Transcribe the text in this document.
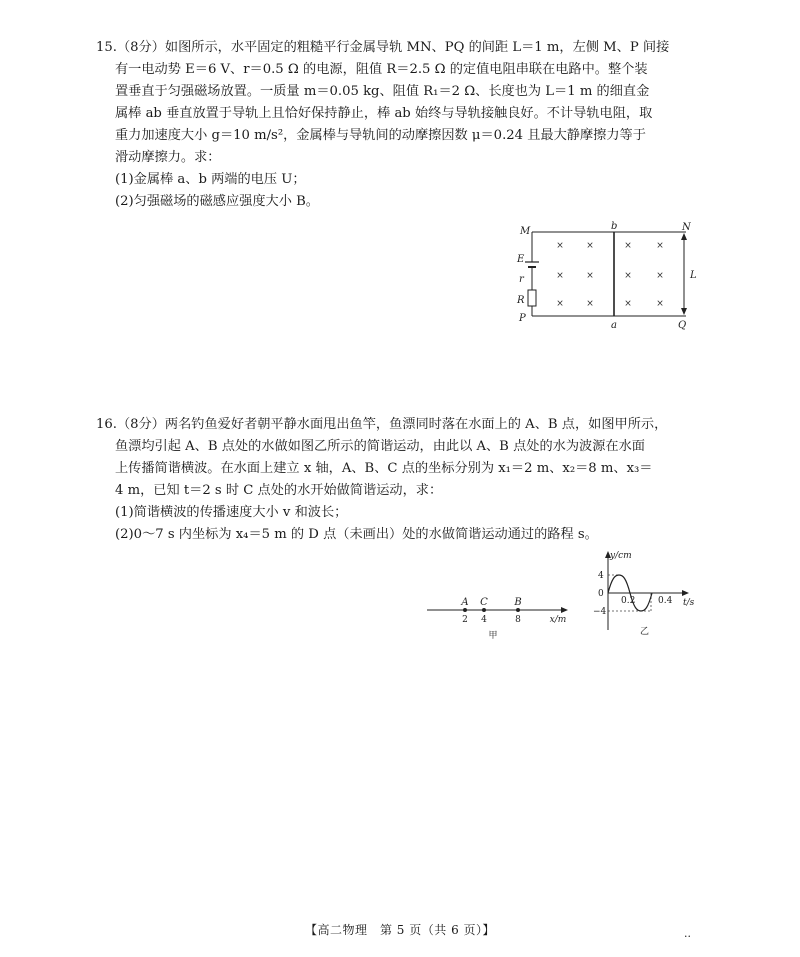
15.（8分）如图所示，水平固定的粗糙平行金属导轨 MN、PQ 的间距 L＝1 m，左侧 M、P 间接
有一电动势 E＝6 V、r＝0.5 Ω 的电源，阻值 R＝2.5 Ω 的定值电阻串联在电路中。整个装
置垂直于匀强磁场放置。一质量 m＝0.05 kg、阻值 R₁＝2 Ω、长度也为 L＝1 m 的细直金
属棒 ab 垂直放置于导轨上且恰好保持静止，棒 ab 始终与导轨接触良好。不计导轨电阻，取
重力加速度大小 g＝10 m/s²，金属棒与导轨间的动摩擦因数 μ＝0.24 且最大静摩擦力等于
滑动摩擦力。求：
(1)金属棒 a、b 两端的电压 U；
(2)匀强磁场的磁感应强度大小 B。
× ×	×	×
× ×	×	×
× ×	×	×
M	N
P
Q
b
a
E
r
R
L
16.（8分）两名钓鱼爱好者朝平静水面甩出鱼竿，鱼漂同时落在水面上的 A、B 点，如图甲所示，
鱼漂均引起 A、B 点处的水做如图乙所示的简谐运动，由此以 A、B 点处的水为波源在水面
上传播简谐横波。在水面上建立 x 轴，A、B、C 点的坐标分别为 x₁＝2 m、x₂＝8 m、x₃＝
4 m，已知 t＝2 s 时 C 点处的水开始做简谐运动，求：
(1)简谐横波的传播速度大小 v 和波长；
(2)0～7 s 内坐标为 x₄＝5 m 的 D 点（未画出）处的水做简谐运动通过的路程 s。
A C	B
2 4	8	x/m
甲
y/cm
t/s
4
0
−4
0.2	0.4
乙
【高二物理　第 5 页（共 6 页）】	··
